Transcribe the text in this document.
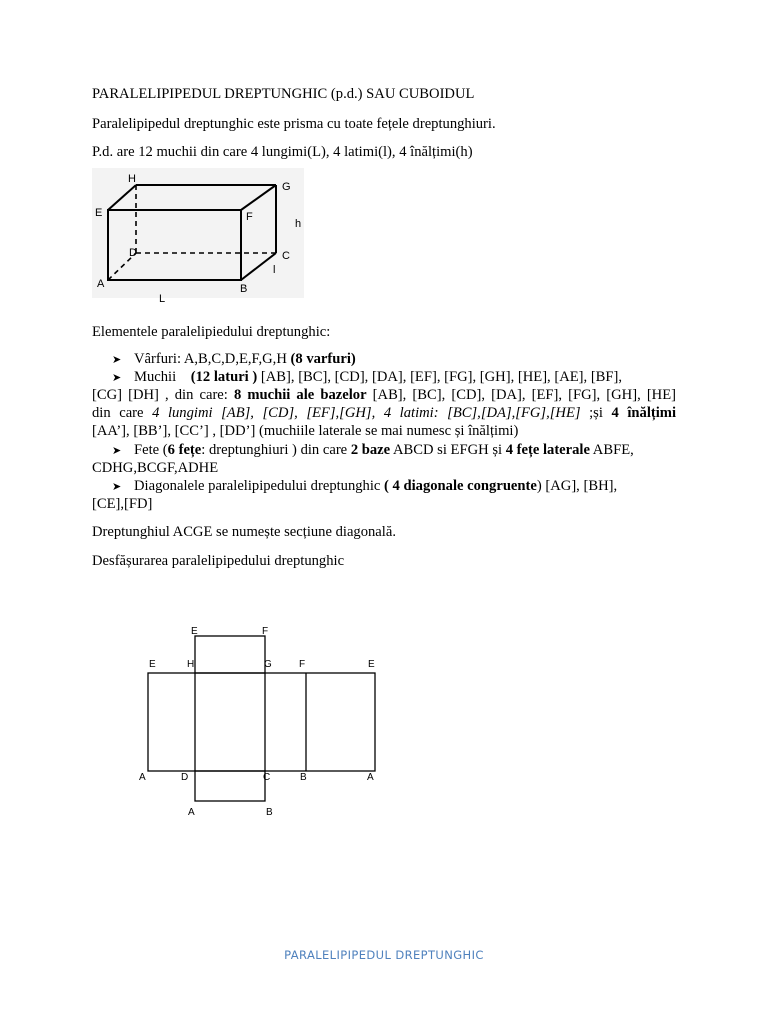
PARALELIPIPEDUL DREPTUNGHIC (p.d.) SAU CUBOIDUL
Paralelipipedul dreptunghic este prisma cu toate fețele dreptunghiuri.
P.d. are 12 muchii din care 4 lungimi(L), 4 latimi(l), 4 înălțimi(h)
H
G
E	F
h
D	C
l
A	B
L
Elementele paralelipiedului dreptunghic:
➤ Vȃrfuri: A,B,C,D,E,F,G,H (8 varfuri)
➤ Muchii (12 laturi ) [AB], [BC], [CD], [DA], [EF], [FG], [GH], [HE], [AE], [BF],
[CG] [DH] , din care: 8 muchii ale bazelor [AB], [BC], [CD], [DA], [EF], [FG], [GH], [HE]
din care 4 lungimi [AB], [CD], [EF],[GH], 4 latimi: [BC],[DA],[FG],[HE] ;și 4 înălțimi
[AA’], [BB’], [CC’] , [DD’] (muchiile laterale se mai numesc și înălțimi)
➤ Fete (6 fețe: dreptunghiuri ) din care 2 baze ABCD si EFGH și 4 fețe laterale ABFE,
CDHG,BCGF,ADHE
➤ Diagonalele paralelipipedului dreptunghic ( 4 diagonale congruente) [AG], [BH],
[CE],[FD]
Dreptunghiul ACGE se numește secțiune diagonală.
Desfășurarea paralelipipedului dreptunghic
E	F
E	H	G	F	E
A	D	C	B	A
A	B
PARALELIPIPEDUL DREPTUNGHIC
